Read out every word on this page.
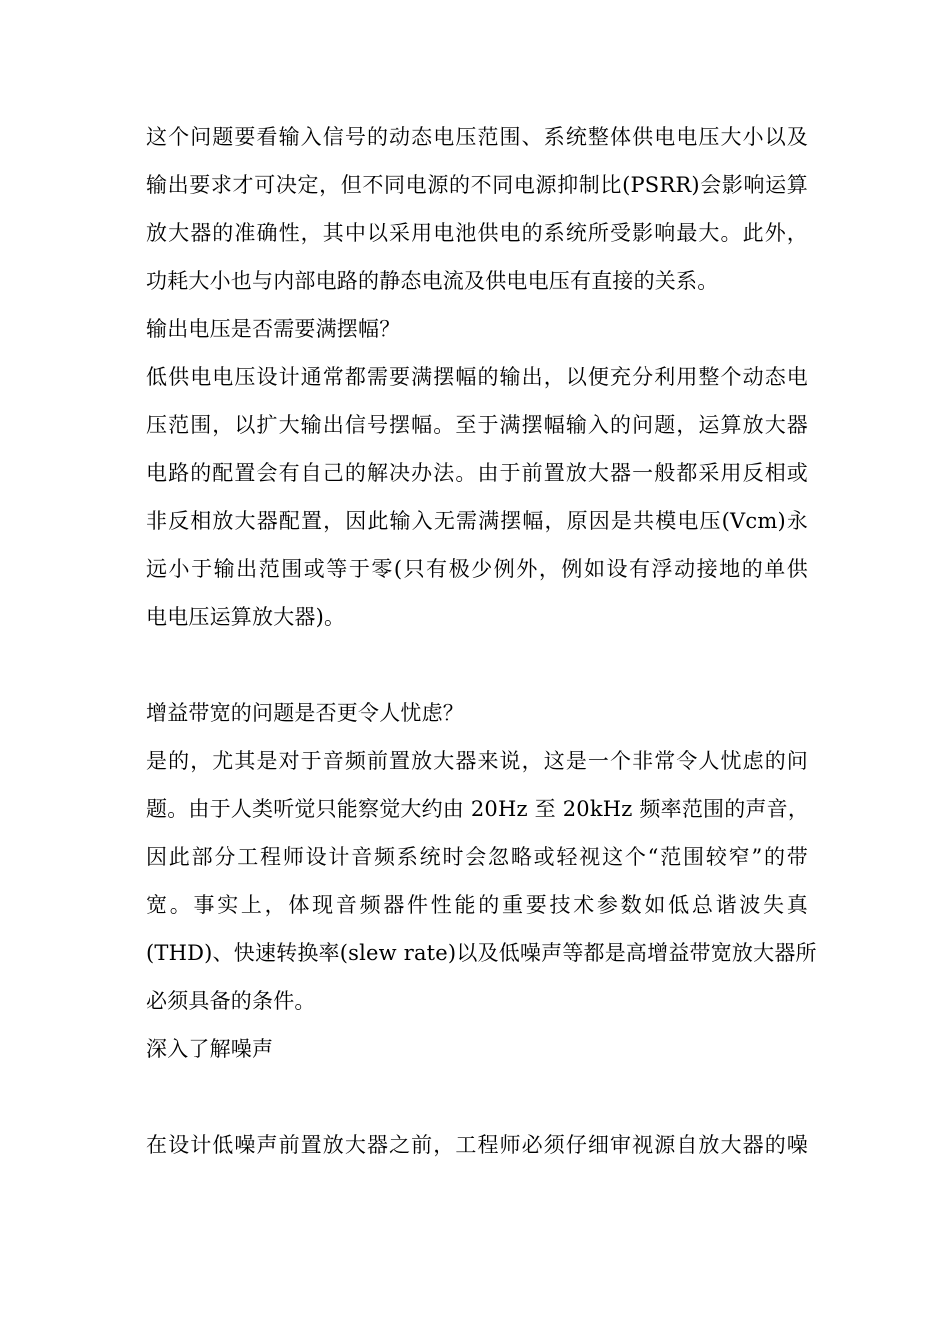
这个问题要看输入信号的动态电压范围、系统整体供电电压大小以及

输出要求才可决定，但不同电源的不同电源抑制比(PSRR)会影响运算

放大器的准确性，其中以采用电池供电的系统所受影响最大。此外，

功耗大小也与内部电路的静态电流及供电电压有直接的关系。

输出电压是否需要满摆幅？

低供电电压设计通常都需要满摆幅的输出，以便充分利用整个动态电

压范围，以扩大输出信号摆幅。至于满摆幅输入的问题，运算放大器

电路的配置会有自己的解决办法。由于前置放大器一般都采用反相或

非反相放大器配置，因此输入无需满摆幅，原因是共模电压(Vcm)永

远小于输出范围或等于零(只有极少例外，例如设有浮动接地的单供

电电压运算放大器)。

增益带宽的问题是否更令人忧虑？

是的，尤其是对于音频前置放大器来说，这是一个非常令人忧虑的问

题。由于人类听觉只能察觉大约由 20Hz 至 20kHz 频率范围的声音，

因此部分工程师设计音频系统时会忽略或轻视这个“范围较窄”的带

宽。事实上，体现音频器件性能的重要技术参数如低总谐波失真

(THD)、快速转换率(slew rate)以及低噪声等都是高增益带宽放大器所

必须具备的条件。

深入了解噪声

在设计低噪声前置放大器之前，工程师必须仔细审视源自放大器的噪
